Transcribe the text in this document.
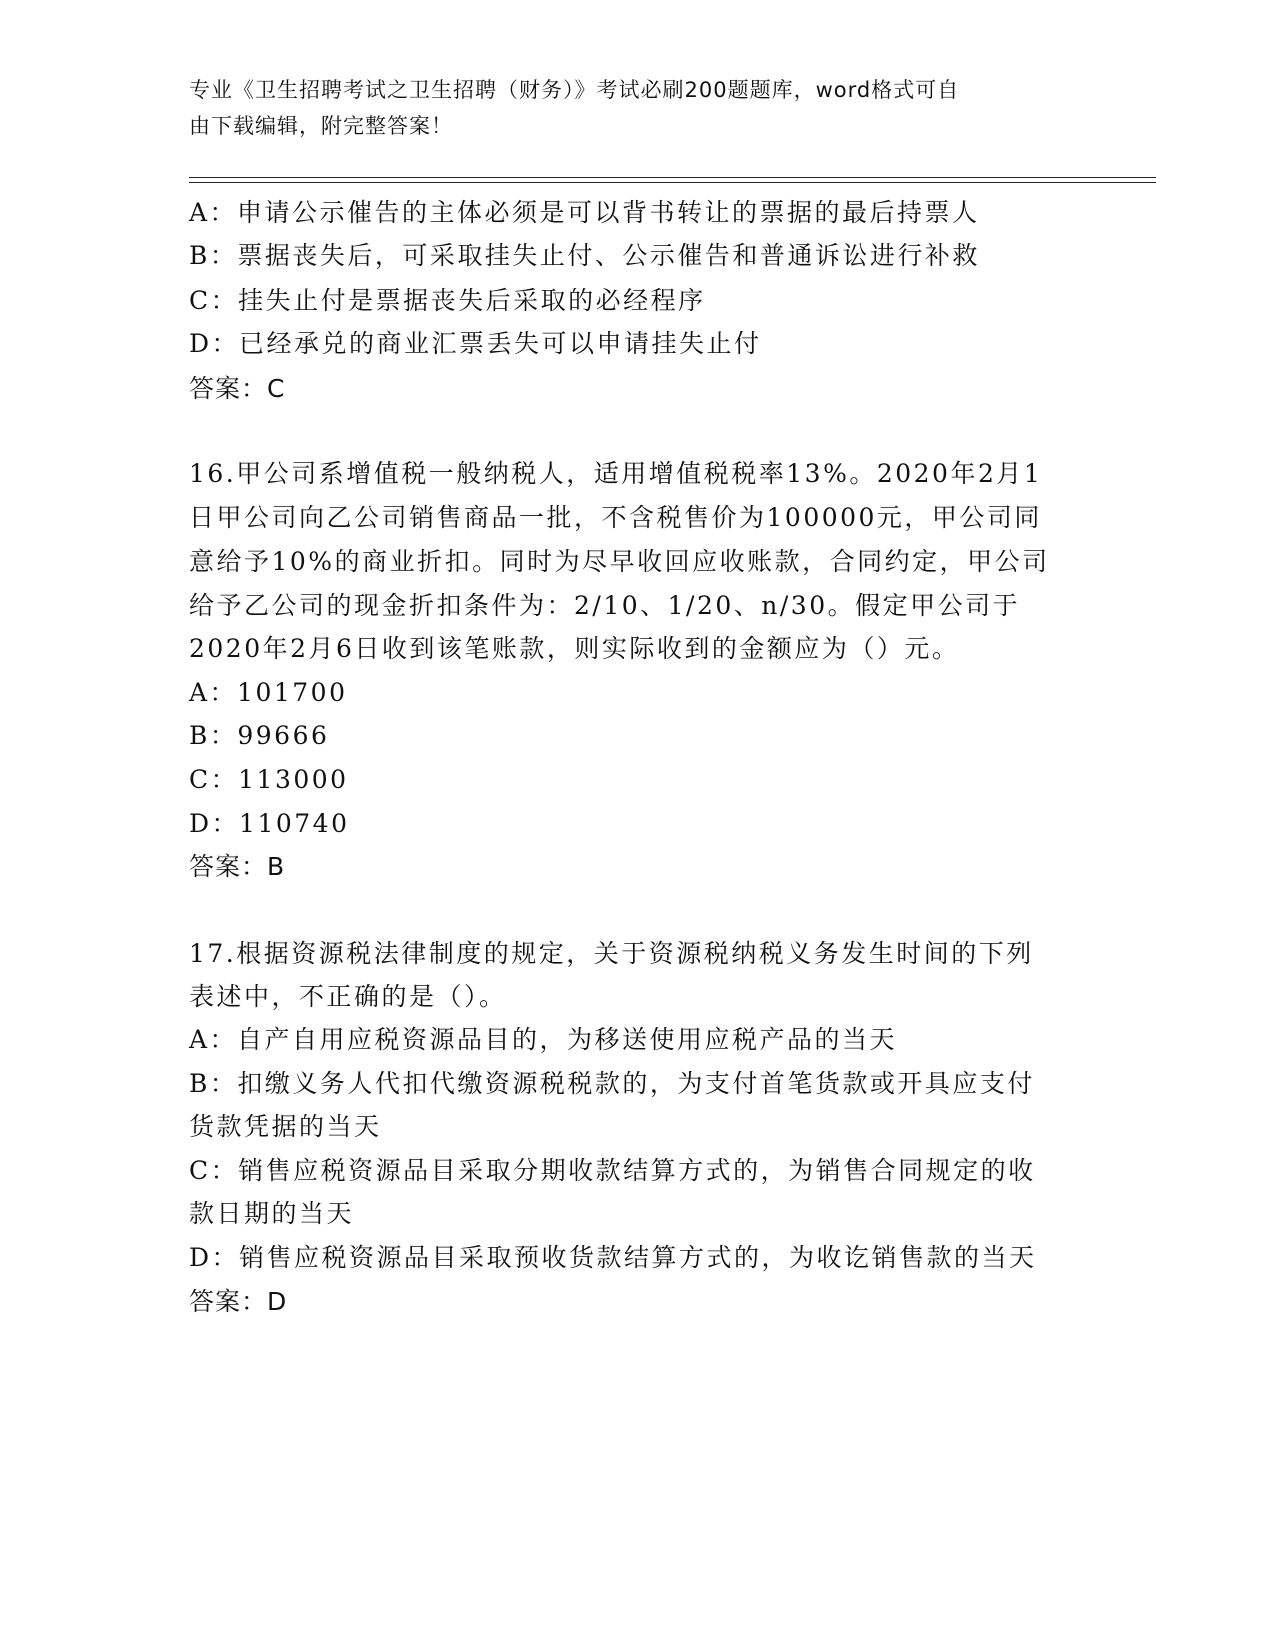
专业《卫生招聘考试之卫生招聘（财务）》考试必刷200题题库，word格式可自
由下载编辑，附完整答案！
A：申请公示催告的主体必须是可以背书转让的票据的最后持票人
B：票据丧失后，可采取挂失止付、公示催告和普通诉讼进行补救
C：挂失止付是票据丧失后采取的必经程序
D：已经承兑的商业汇票丢失可以申请挂失止付
答案：C
16.甲公司系增值税一般纳税人，适用增值税税率13%。2020年2月1
日甲公司向乙公司销售商品一批，不含税售价为100000元，甲公司同
意给予10%的商业折扣。同时为尽早收回应收账款，合同约定，甲公司
给予乙公司的现金折扣条件为：2/10、1/20、n/30。假定甲公司于
2020年2月6日收到该笔账款，则实际收到的金额应为（）元。
A：101700
B：99666
C：113000
D：110740
答案：B
17.根据资源税法律制度的规定，关于资源税纳税义务发生时间的下列
表述中，不正确的是（）。
A：自产自用应税资源品目的，为移送使用应税产品的当天
B：扣缴义务人代扣代缴资源税税款的，为支付首笔货款或开具应支付
货款凭据的当天
C：销售应税资源品目采取分期收款结算方式的，为销售合同规定的收
款日期的当天
D：销售应税资源品目采取预收货款结算方式的，为收讫销售款的当天
答案：D
